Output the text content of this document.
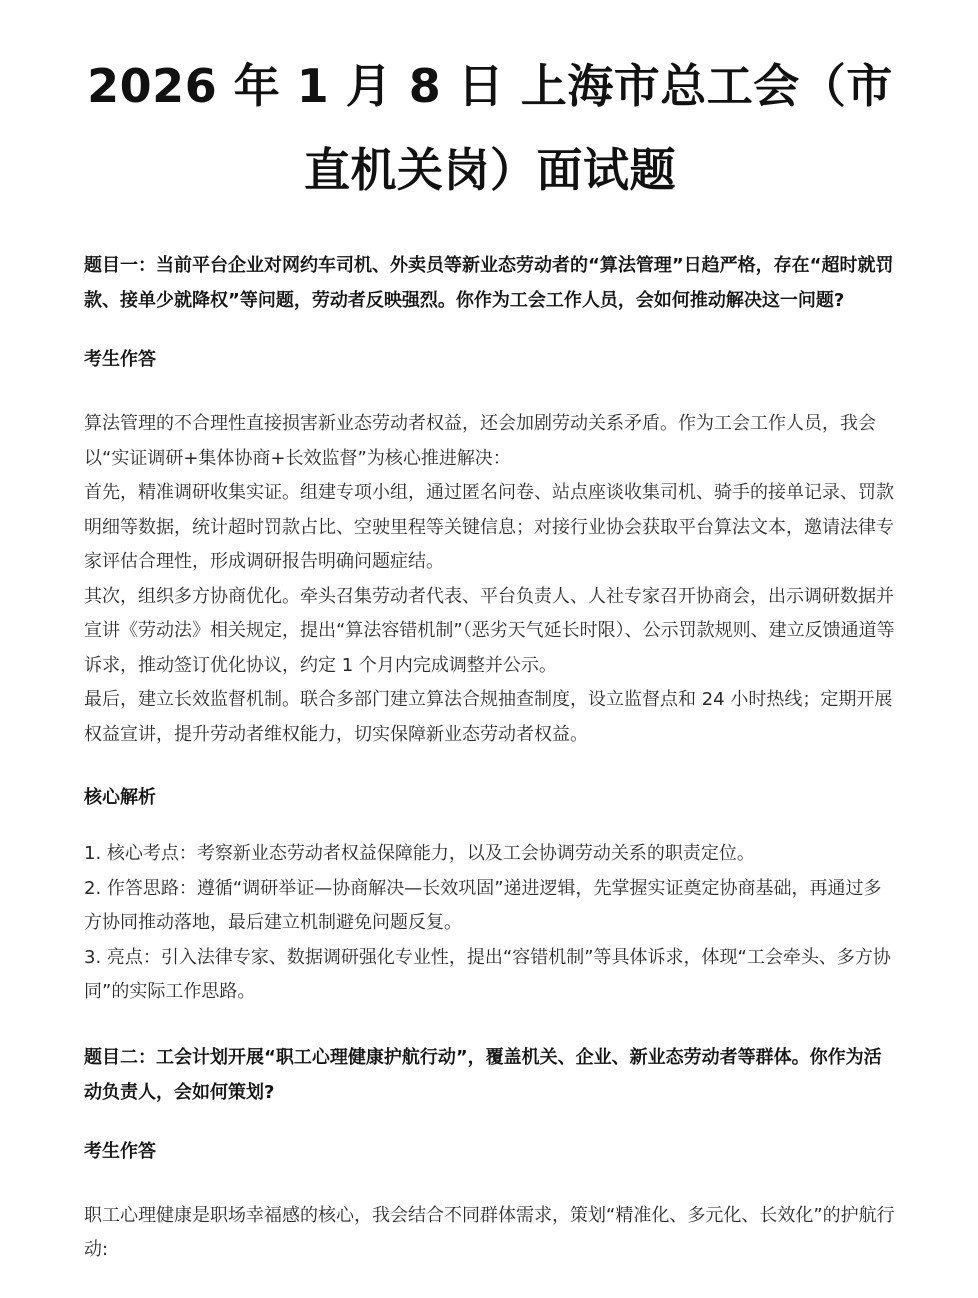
2026 年 1 月 8 日 上海市总工会（市
直机关岗）面试题

题目一：当前平台企业对网约车司机、外卖员等新业态劳动者的“算法管理”日趋严格，存在“超时就罚款、接单少就降权”等问题，劳动者反映强烈。你作为工会工作人员，会如何推动解决这一问题?

考生作答

算法管理的不合理性直接损害新业态劳动者权益，还会加剧劳动关系矛盾。作为工会工作人员，我会以“实证调研+集体协商+长效监督”为核心推进解决：

首先，精准调研收集实证。组建专项小组，通过匿名问卷、站点座谈收集司机、骑手的接单记录、罚款明细等数据，统计超时罚款占比、空驶里程等关键信息；对接行业协会获取平台算法文本，邀请法律专家评估合理性，形成调研报告明确问题症结。

其次，组织多方协商优化。牵头召集劳动者代表、平台负责人、人社专家召开协商会，出示调研数据并宣讲《劳动法》相关规定，提出“算法容错机制”（恶劣天气延长时限）、公示罚款规则、建立反馈通道等诉求，推动签订优化协议，约定 1 个月内完成调整并公示。

最后，建立长效监督机制。联合多部门建立算法合规抽查制度，设立监督点和 24 小时热线；定期开展权益宣讲，提升劳动者维权能力，切实保障新业态劳动者权益。

核心解析

1. 核心考点：考察新业态劳动者权益保障能力，以及工会协调劳动关系的职责定位。

2. 作答思路：遵循“调研举证—协商解决—长效巩固”递进逻辑，先掌握实证奠定协商基础，再通过多方协同推动落地，最后建立机制避免问题反复。

3. 亮点：引入法律专家、数据调研强化专业性，提出“容错机制”等具体诉求，体现“工会牵头、多方协同”的实际工作思路。

题目二：工会计划开展“职工心理健康护航行动”，覆盖机关、企业、新业态劳动者等群体。你作为活动负责人，会如何策划?

考生作答

职工心理健康是职场幸福感的核心，我会结合不同群体需求，策划“精准化、多元化、长效化”的护航行动:
